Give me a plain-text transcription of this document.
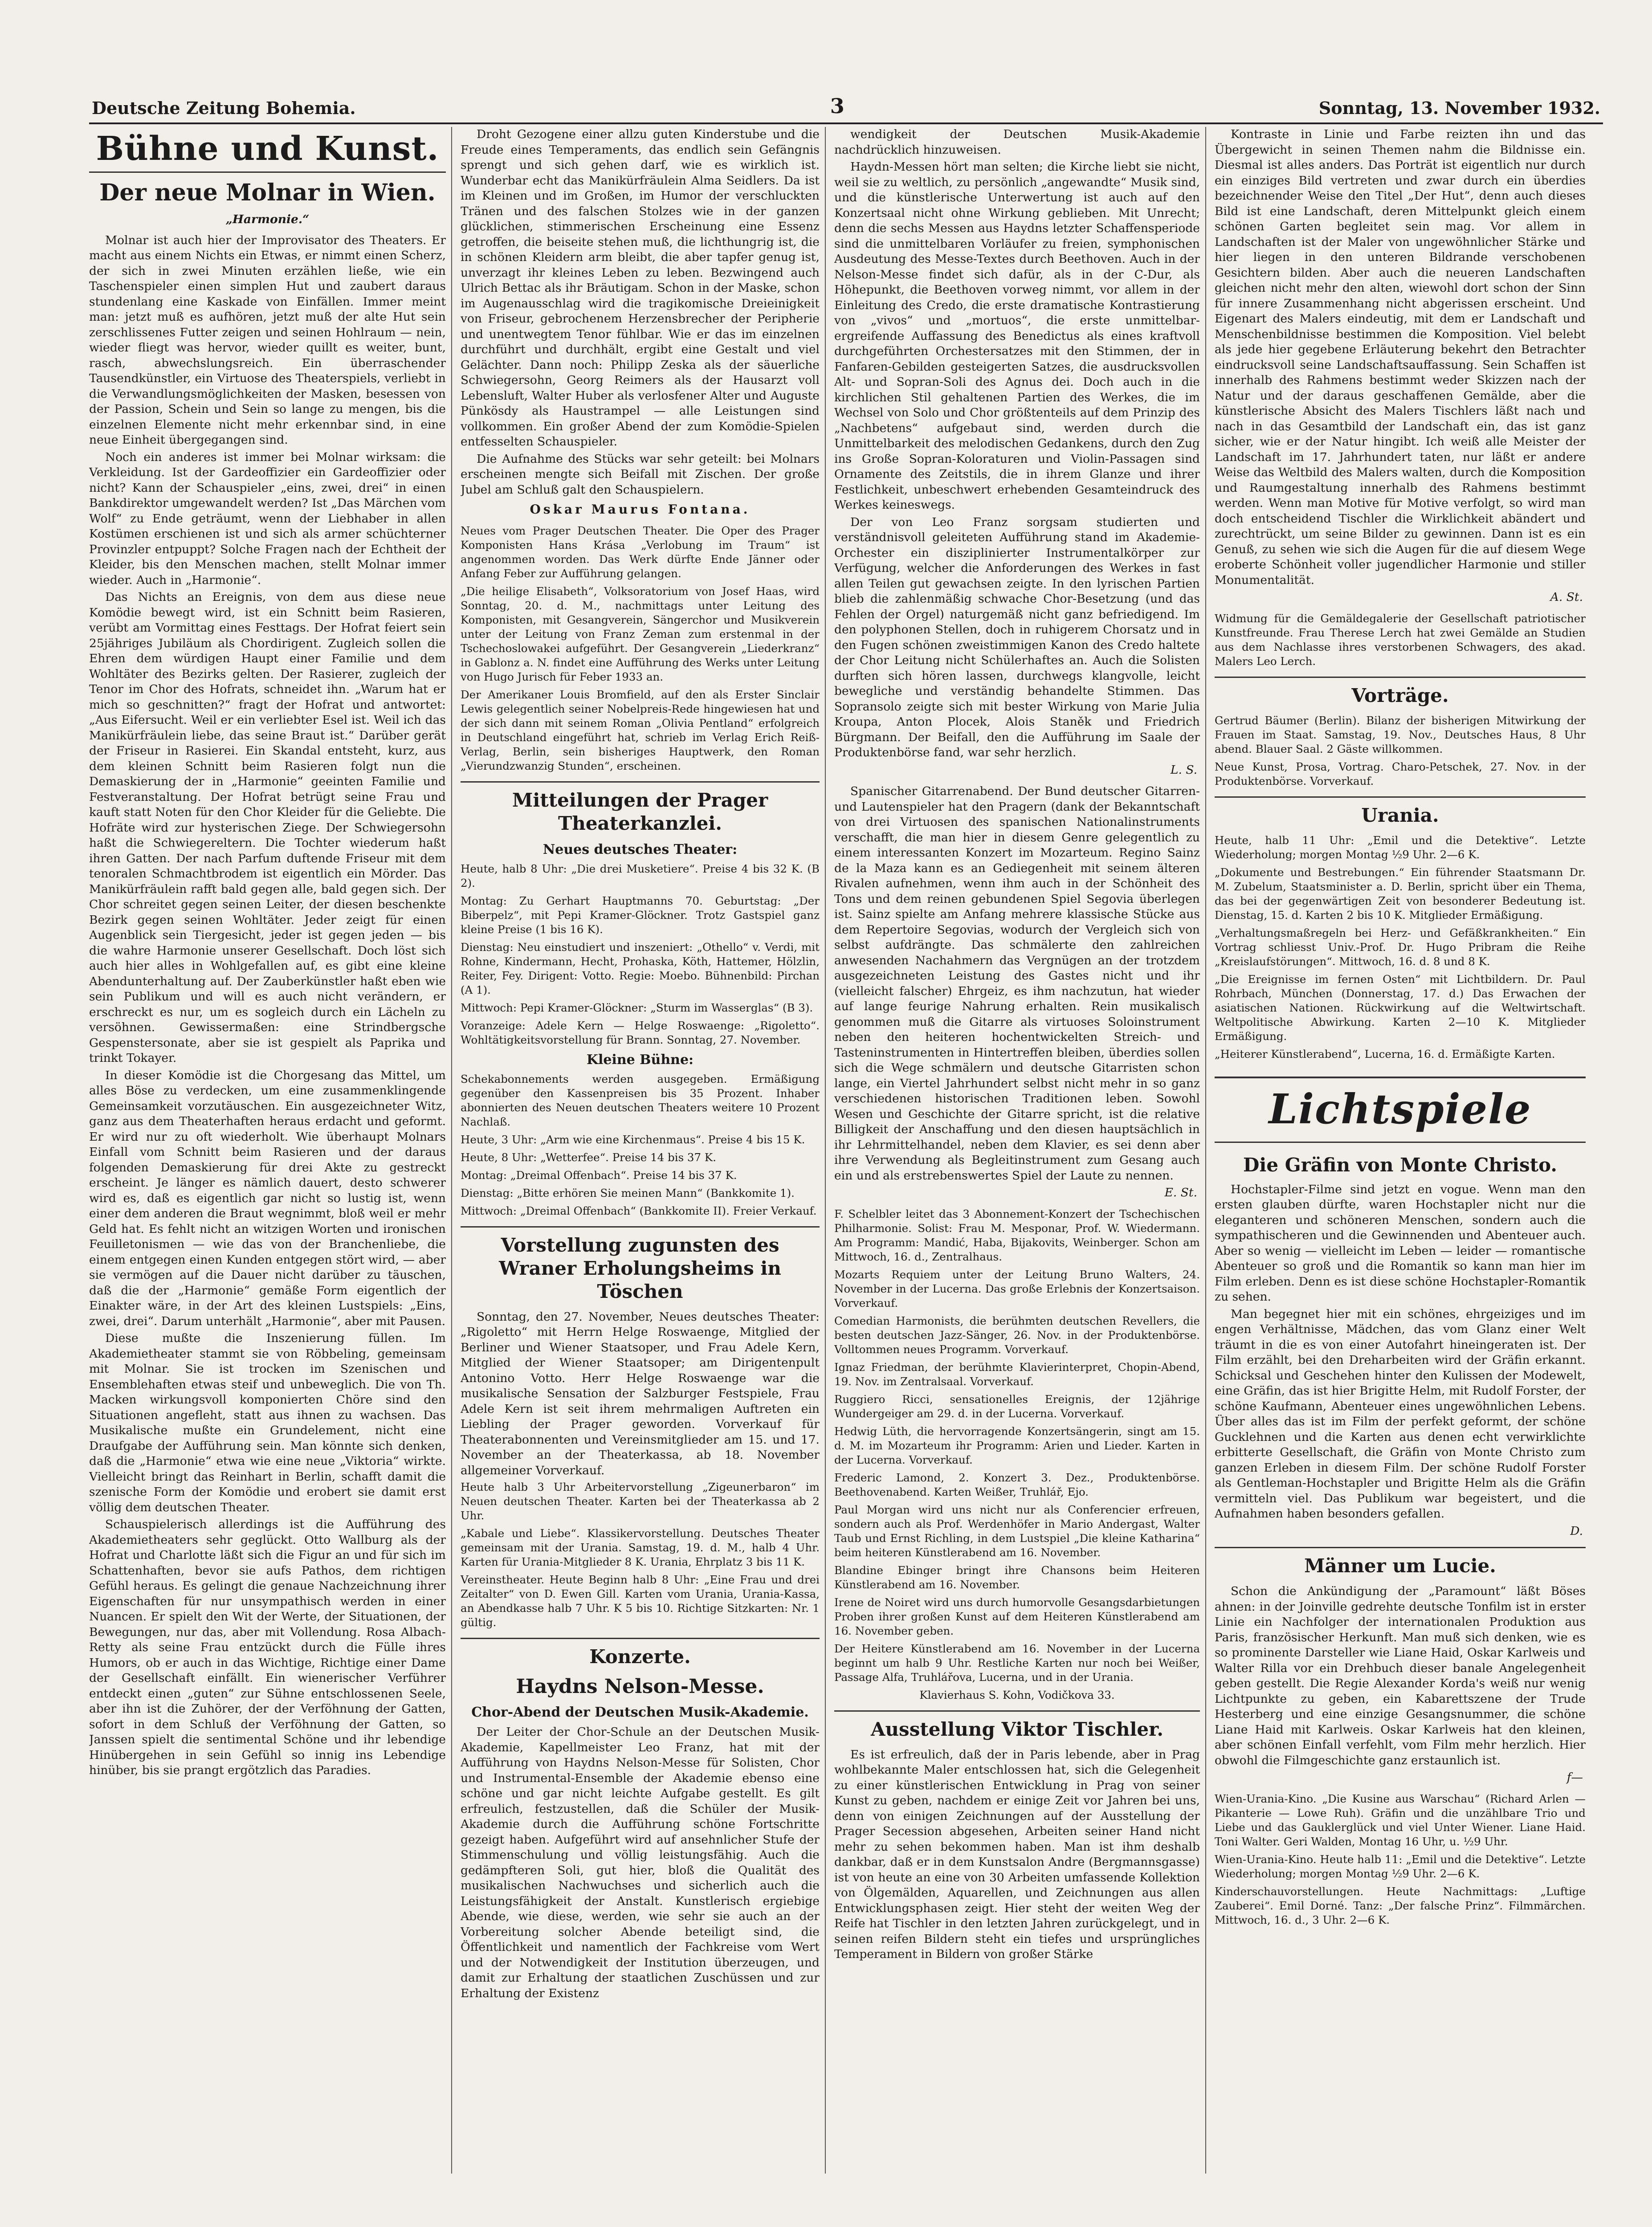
Deutsche Zeitung Bohemia.	3	Sonntag, 13. November 1932.
Bühne und Kunst.
Der neue Molnar in Wien.
„Harmonie.“

Molnar ist auch hier der Improvisator des Theaters. Er macht aus einem Nichts ein Etwas, er nimmt einen Scherz, der sich in zwei Minuten erzählen ließe, wie ein Taschenspieler einen simplen Hut und zaubert daraus stundenlang eine Kaskade von Einfällen. Immer meint man: jetzt muß es aufhören, jetzt muß der alte Hut sein zerschlissenes Futter zeigen und seinen Hohlraum — nein, wieder fliegt was hervor, wieder quillt es weiter, bunt, rasch, abwechslungsreich. Ein überraschender Tausendkünstler, ein Virtuose des Theaterspiels, verliebt in die Verwandlungsmöglichkeiten der Masken, besessen von der Passion, Schein und Sein so lange zu mengen, bis die einzelnen Elemente nicht mehr erkennbar sind, in eine neue Einheit übergegangen sind.

Noch ein anderes ist immer bei Molnar wirksam: die Verkleidung. Ist der Gardeoffizier ein Gardeoffizier oder nicht? Kann der Schauspieler „eins, zwei, drei“ in einen Bankdirektor umgewandelt werden? Ist „Das Märchen vom Wolf“ zu Ende geträumt, wenn der Liebhaber in allen Kostümen erschienen ist und sich als armer schüchterner Provinzler entpuppt? Solche Fragen nach der Echtheit der Kleider, bis den Menschen machen, stellt Molnar immer wieder. Auch in „Harmonie“.

Das Nichts an Ereignis, von dem aus diese neue Komödie bewegt wird, ist ein Schnitt beim Rasieren, verübt am Vormittag eines Festtags. Der Hofrat feiert sein 25jähriges Jubiläum als Chordirigent. Zugleich sollen die Ehren dem würdigen Haupt einer Familie und dem Wohltäter des Bezirks gelten. Der Rasierer, zugleich der Tenor im Chor des Hofrats, schneidet ihn. „Warum hat er mich so geschnitten?“ fragt der Hofrat und antwortet: „Aus Eifersucht. Weil er ein verliebter Esel ist. Weil ich das Manikürfräulein liebe, das seine Braut ist.“ Darüber gerät der Friseur in Rasierei. Ein Skandal entsteht, kurz, aus dem kleinen Schnitt beim Rasieren folgt nun die Demaskierung der in „Harmonie“ geeinten Familie und Festveranstaltung. Der Hofrat betrügt seine Frau und kauft statt Noten für den Chor Kleider für die Geliebte. Die Hofräte wird zur hysterischen Ziege. Der Schwiegersohn haßt die Schwiegereltern. Die Tochter wiederum haßt ihren Gatten. Der nach Parfum duftende Friseur mit dem tenoralen Schmachtbrodem ist eigentlich ein Mörder. Das Manikürfräulein rafft bald gegen alle, bald gegen sich. Der Chor schreitet gegen seinen Leiter, der diesen beschenkte Bezirk gegen seinen Wohltäter. Jeder zeigt für einen Augenblick sein Tiergesicht, jeder ist gegen jeden — bis die wahre Harmonie unserer Gesellschaft. Doch löst sich auch hier alles in Wohlgefallen auf, es gibt eine kleine Abendunterhaltung auf. Der Zauberkünstler haßt eben wie sein Publikum und will es auch nicht verändern, er erschreckt es nur, um es sogleich durch ein Lächeln zu versöhnen. Gewissermaßen: eine Strindbergsche Gespenstersonate, aber sie ist gespielt als Paprika und trinkt Tokayer.

In dieser Komödie ist die Chorgesang das Mittel, um alles Böse zu verdecken, um eine zusammenklingende Gemeinsamkeit vorzutäuschen. Ein ausgezeichneter Witz, ganz aus dem Theaterhaften heraus erdacht und geformt. Er wird nur zu oft wiederholt. Wie überhaupt Molnars Einfall vom Schnitt beim Rasieren und der daraus folgenden Demaskierung für drei Akte zu gestreckt erscheint. Je länger es nämlich dauert, desto schwerer wird es, daß es eigentlich gar nicht so lustig ist, wenn einer dem anderen die Braut wegnimmt, bloß weil er mehr Geld hat. Es fehlt nicht an witzigen Worten und ironischen Feuilletonismen — wie das von der Branchenliebe, die einem entgegen einen Kunden entgegen stört wird, — aber sie vermögen auf die Dauer nicht darüber zu täuschen, daß die der „Harmonie“ gemäße Form eigentlich der Einakter wäre, in der Art des kleinen Lustspiels: „Eins, zwei, drei“. Darum unterhält „Harmonie“, aber mit Pausen.

Diese mußte die Inszenierung füllen. Im Akademietheater stammt sie von Röbbeling, gemeinsam mit Molnar. Sie ist trocken im Szenischen und Ensemblehaften etwas steif und unbeweglich. Die von Th. Macken wirkungsvoll komponierten Chöre sind den Situationen angefleht, statt aus ihnen zu wachsen. Das Musikalische mußte ein Grundelement, nicht eine Draufgabe der Aufführung sein. Man könnte sich denken, daß die „Harmonie“ etwa wie eine neue „Viktoria“ wirkte. Vielleicht bringt das Reinhart in Berlin, schafft damit die szenische Form der Komödie und erobert sie damit erst völlig dem deutschen Theater.

Schauspielerisch allerdings ist die Aufführung des Akademietheaters sehr geglückt. Otto Wallburg als der Hofrat und Charlotte läßt sich die Figur an und für sich im Schattenhaften, bevor sie aufs Pathos, dem richtigen Gefühl heraus. Es gelingt die genaue Nachzeichnung ihrer Eigenschaften für nur unsympathisch werden in einer Nuancen. Er spielt den Wit der Werte, der Situationen, der Bewegungen, nur das, aber mit Vollendung. Rosa Albach-Retty als seine Frau entzückt durch die Fülle ihres Humors, ob er auch in das Wichtige, Richtige einer Dame der Gesellschaft einfällt. Ein wienerischer Verführer entdeckt einen „guten“ zur Sühne entschlossenen Seele, aber ihn ist die Zuhörer, der der Verföhnung der Gatten, sofort in dem Schluß der Verföhnung der Gatten, so Janssen spielt die sentimental Schöne und ihr lebendige Hinübergehen in sein Gefühl so innig ins Lebendige hinüber, bis sie prangt ergötzlich das Paradies.

Droht Gezogene einer allzu guten Kinderstube und die Freude eines Temperaments, das endlich sein Gefängnis sprengt und sich gehen darf, wie es wirklich ist. Wunderbar echt das Manikürfräulein Alma Seidlers. Da ist im Kleinen und im Großen, im Humor der verschluckten Tränen und des falschen Stolzes wie in der ganzen glücklichen, stimmerischen Erscheinung eine Essenz getroffen, die beiseite stehen muß, die lichthungrig ist, die in schönen Kleidern arm bleibt, die aber tapfer genug ist, unverzagt ihr kleines Leben zu leben. Bezwingend auch Ulrich Bettac als ihr Bräutigam. Schon in der Maske, schon im Augenausschlag wird die tragikomische Dreieinigkeit von Friseur, gebrochenem Herzensbrecher der Peripherie und unentwegtem Tenor fühlbar. Wie er das im einzelnen durchführt und durchhält, ergibt eine Gestalt und viel Gelächter. Dann noch: Philipp Zeska als der säuerliche Schwiegersohn, Georg Reimers als der Hausarzt voll Lebensluft, Walter Huber als verlosfener Alter und Auguste Pünkösdy als Haustrampel — alle Leistungen sind vollkommen. Ein großer Abend der zum Komödie-Spielen entfesselten Schauspieler.

Die Aufnahme des Stücks war sehr geteilt: bei Molnars erscheinen mengte sich Beifall mit Zischen. Der große Jubel am Schluß galt den Schauspielern.

Oskar Maurus Fontana.

Neues vom Prager Deutschen Theater. Die Oper des Prager Komponisten Hans Krása „Verlobung im Traum“ ist angenommen worden. Das Werk dürfte Ende Jänner oder Anfang Feber zur Aufführung gelangen.

„Die heilige Elisabeth“, Volksoratorium von Josef Haas, wird Sonntag, 20. d. M., nachmittags unter Leitung des Komponisten, mit Gesangverein, Sängerchor und Musikverein unter der Leitung von Franz Zeman zum erstenmal in der Tschechoslowakei aufgeführt. Der Gesangverein „Liederkranz“ in Gablonz a. N. findet eine Aufführung des Werks unter Leitung von Hugo Jurisch für Feber 1933 an.

Der Amerikaner Louis Bromfield, auf den als Erster Sinclair Lewis gelegentlich seiner Nobelpreis-Rede hingewiesen hat und der sich dann mit seinem Roman „Olivia Pentland“ erfolgreich in Deutschland eingeführt hat, schrieb im Verlag Erich Reiß-Verlag, Berlin, sein bisheriges Hauptwerk, den Roman „Vierundzwanzig Stunden“, erscheinen.

Mitteilungen der Prager Theaterkanzlei.
Neues deutsches Theater:

Heute, halb 8 Uhr: „Die drei Musketiere“. Preise 4 bis 32 K. (B 2).

Montag: Zu Gerhart Hauptmanns 70. Geburtstag: „Der Biberpelz“, mit Pepi Kramer-Glöckner. Trotz Gastspiel ganz kleine Preise (1 bis 16 K).

Dienstag: Neu einstudiert und inszeniert: „Othello“ v. Verdi, mit Rohne, Kindermann, Hecht, Prohaska, Köth, Hattemer, Hölzlin, Reiter, Fey. Dirigent: Votto. Regie: Moebo. Bühnenbild: Pirchan (A 1).

Mittwoch: Pepi Kramer-Glöckner: „Sturm im Wasserglas“ (B 3).

Voranzeige: Adele Kern — Helge Roswaenge: „Rigoletto“. Wohltätigkeitsvorstellung für Brann. Sonntag, 27. November.

Kleine Bühne:

Schekabonnements werden ausgegeben. Ermäßigung gegenüber den Kassenpreisen bis 35 Prozent. Inhaber abonnierten des Neuen deutschen Theaters weitere 10 Prozent Nachlaß.

Heute, 3 Uhr: „Arm wie eine Kirchenmaus“. Preise 4 bis 15 K.

Heute, 8 Uhr: „Wetterfee“. Preise 14 bis 37 K.

Montag: „Dreimal Offenbach“. Preise 14 bis 37 K.

Dienstag: „Bitte erhören Sie meinen Mann“ (Bankkomite 1).

Mittwoch: „Dreimal Offenbach“ (Bankkomite II). Freier Verkauf.

Vorstellung zugunsten des Wraner Erholungsheims in Töschen

Sonntag, den 27. November, Neues deutsches Theater: „Rigoletto“ mit Herrn Helge Roswaenge, Mitglied der Berliner und Wiener Staatsoper, und Frau Adele Kern, Mitglied der Wiener Staatsoper; am Dirigentenpult Antonino Votto. Herr Helge Roswaenge war die musikalische Sensation der Salzburger Festspiele, Frau Adele Kern ist seit ihrem mehrmaligen Auftreten ein Liebling der Prager geworden. Vorverkauf für Theaterabonnenten und Vereinsmitglieder am 15. und 17. November an der Theaterkassa, ab 18. November allgemeiner Vorverkauf.

Heute halb 3 Uhr Arbeitervorstellung „Zigeunerbaron“ im Neuen deutschen Theater. Karten bei der Theaterkassa ab 2 Uhr.

„Kabale und Liebe“. Klassikervorstellung. Deutsches Theater gemeinsam mit der Urania. Samstag, 19. d. M., halb 4 Uhr. Karten für Urania-Mitglieder 8 K. Urania, Ehrplatz 3 bis 11 K.

Vereinstheater. Heute Beginn halb 8 Uhr: „Eine Frau und drei Zeitalter“ von D. Ewen Gill. Karten vom Urania, Urania-Kassa, an Abendkasse halb 7 Uhr. K 5 bis 10. Richtige Sitzkarten: Nr. 1 gültig.

Konzerte.
Haydns Nelson-Messe.
Chor-Abend der Deutschen Musik-Akademie.

Der Leiter der Chor-Schule an der Deutschen Musik-Akademie, Kapellmeister Leo Franz, hat mit der Aufführung von Haydns Nelson-Messe für Solisten, Chor und Instrumental-Ensemble der Akademie ebenso eine schöne und gar nicht leichte Aufgabe gestellt. Es gilt erfreulich, festzustellen, daß die Schüler der Musik-Akademie durch die Aufführung schöne Fortschritte gezeigt haben. Aufgeführt wird auf ansehnlicher Stufe der Stimmenschulung und völlig leistungsfähig. Auch die gedämpfteren Soli, gut hier, bloß die Qualität des musikalischen Nachwuchses und sicherlich auch die Leistungsfähigkeit der Anstalt. Kunstlerisch ergiebige Abende, wie diese, werden, wie sehr sie auch an der Vorbereitung solcher Abende beteiligt sind, die Öffentlichkeit und namentlich der Fachkreise vom Wert und der Notwendigkeit der Institution überzeugen, und damit zur Erhaltung der staatlichen Zuschüssen und zur Erhaltung der Existenz

wendigkeit der Deutschen Musik-Akademie nachdrücklich hinzuweisen.

Haydn-Messen hört man selten; die Kirche liebt sie nicht, weil sie zu weltlich, zu persönlich „angewandte“ Musik sind, und die künstlerische Unterwertung ist auch auf den Konzertsaal nicht ohne Wirkung geblieben. Mit Unrecht; denn die sechs Messen aus Haydns letzter Schaffensperiode sind die unmittelbaren Vorläufer zu freien, symphonischen Ausdeutung des Messe-Textes durch Beethoven. Auch in der Nelson-Messe findet sich dafür, als in der C-Dur, als Höhepunkt, die Beethoven vorweg nimmt, vor allem in der Einleitung des Credo, die erste dramatische Kontrastierung von „vivos“ und „mortuos“, die erste unmittelbar-ergreifende Auffassung des Benedictus als eines kraftvoll durchgeführten Orchestersatzes mit den Stimmen, der in Fanfaren-Gebilden gesteigerten Satzes, die ausdrucksvollen Alt- und Sopran-Soli des Agnus dei. Doch auch in die kirchlichen Stil gehaltenen Partien des Werkes, die im Wechsel von Solo und Chor größtenteils auf dem Prinzip des „Nachbetens“ aufgebaut sind, werden durch die Unmittelbarkeit des melodischen Gedankens, durch den Zug ins Große Sopran-Koloraturen und Violin-Passagen sind Ornamente des Zeitstils, die in ihrem Glanze und ihrer Festlichkeit, unbeschwert erhebenden Gesamteindruck des Werkes keineswegs.

Der von Leo Franz sorgsam studierten und verständnisvoll geleiteten Aufführung stand im Akademie-Orchester ein disziplinierter Instrumentalkörper zur Verfügung, welcher die Anforderungen des Werkes in fast allen Teilen gut gewachsen zeigte. In den lyrischen Partien blieb die zahlenmäßig schwache Chor-Besetzung (und das Fehlen der Orgel) naturgemäß nicht ganz befriedigend. Im den polyphonen Stellen, doch in ruhigerem Chorsatz und in den Fugen schönen zweistimmigen Kanon des Credo haltete der Chor Leitung nicht Schülerhaftes an. Auch die Solisten durften sich hören lassen, durchwegs klangvolle, leicht bewegliche und verständig behandelte Stimmen. Das Sopransolo zeigte sich mit bester Wirkung von Marie Julia Kroupa, Anton Plocek, Alois Staněk und Friedrich Bürgmann. Der Beifall, den die Aufführung im Saale der Produktenbörse fand, war sehr herzlich.

L. S.

Spanischer Gitarrenabend. Der Bund deutscher Gitarren- und Lautenspieler hat den Pragern (dank der Bekanntschaft von drei Virtuosen des spanischen Nationalinstruments verschafft, die man hier in diesem Genre gelegentlich zu einem interessanten Konzert im Mozarteum. Regino Sainz de la Maza kann es an Gediegenheit mit seinem älteren Rivalen aufnehmen, wenn ihm auch in der Schönheit des Tons und dem reinen gebundenen Spiel Segovia überlegen ist. Sainz spielte am Anfang mehrere klassische Stücke aus dem Repertoire Segovias, wodurch der Vergleich sich von selbst aufdrängte. Das schmälerte den zahlreichen anwesenden Nachahmern das Vergnügen an der trotzdem ausgezeichneten Leistung des Gastes nicht und ihr (vielleicht falscher) Ehrgeiz, es ihm nachzutun, hat wieder auf lange feurige Nahrung erhalten. Rein musikalisch genommen muß die Gitarre als virtuoses Soloinstrument neben den heiteren hochentwickelten Streich- und Tasteninstrumenten in Hintertreffen bleiben, überdies sollen sich die Wege schmälern und deutsche Gitarristen schon lange, ein Viertel Jahrhundert selbst nicht mehr in so ganz verschiedenen historischen Traditionen leben. Sowohl Wesen und Geschichte der Gitarre spricht, ist die relative Billigkeit der Anschaffung und den diesen hauptsächlich in ihr Lehrmittelhandel, neben dem Klavier, es sei denn aber ihre Verwendung als Begleitinstrument zum Gesang auch ein und als erstrebenswertes Spiel der Laute zu nennen.

E. St.

F. Schelbler leitet das 3 Abonnement-Konzert der Tschechischen Philharmonie. Solist: Frau M. Mesponar, Prof. W. Wiedermann. Am Programm: Mandić, Haba, Bijakovits, Weinberger. Schon am Mittwoch, 16. d., Zentralhaus.

Mozarts Requiem unter der Leitung Bruno Walters, 24. November in der Lucerna. Das große Erlebnis der Konzertsaison. Vorverkauf.

Comedian Harmonists, die berühmten deutschen Revellers, die besten deutschen Jazz-Sänger, 26. Nov. in der Produktenbörse. Volltommen neues Programm. Vorverkauf.

Ignaz Friedman, der berühmte Klavierinterpret, Chopin-Abend, 19. Nov. im Zentralsaal. Vorverkauf.

Ruggiero Ricci, sensationelles Ereignis, der 12jährige Wundergeiger am 29. d. in der Lucerna. Vorverkauf.

Hedwig Lüth, die hervorragende Konzertsängerin, singt am 15. d. M. im Mozarteum ihr Programm: Arien und Lieder. Karten in der Lucerna. Vorverkauf.

Frederic Lamond, 2. Konzert 3. Dez., Produktenbörse. Beethovenabend. Karten Weißer, Truhlář, Ejo.

Paul Morgan wird uns nicht nur als Conferencier erfreuen, sondern auch als Prof. Werdenhöfer in Mario Andergast, Walter Taub und Ernst Richling, in dem Lustspiel „Die kleine Katharina“ beim heiteren Künstlerabend am 16. November.

Blandine Ebinger bringt ihre Chansons beim Heiteren Künstlerabend am 16. November.

Irene de Noiret wird uns durch humorvolle Gesangsdarbietungen Proben ihrer großen Kunst auf dem Heiteren Künstlerabend am 16. November geben.

Der Heitere Künstlerabend am 16. November in der Lucerna beginnt um halb 9 Uhr. Restliche Karten nur noch bei Weißer, Passage Alfa, Truhlářova, Lucerna, und in der Urania.

Klavierhaus S. Kohn, Vodičkova 33.

Ausstellung Viktor Tischler.

Es ist erfreulich, daß der in Paris lebende, aber in Prag wohlbekannte Maler entschlossen hat, sich die Gelegenheit zu einer künstlerischen Entwicklung in Prag von seiner Kunst zu geben, nachdem er einige Zeit vor Jahren bei uns, denn von einigen Zeichnungen auf der Ausstellung der Prager Secession abgesehen, Arbeiten seiner Hand nicht mehr zu sehen bekommen haben. Man ist ihm deshalb dankbar, daß er in dem Kunstsalon Andre (Bergmannsgasse) ist von heute an eine von 30 Arbeiten umfassende Kollektion von Ölgemälden, Aquarellen, und Zeichnungen aus allen Entwicklungsphasen zeigt. Hier steht der weiten Weg der Reife hat Tischler in den letzten Jahren zurückgelegt, und in seinen reifen Bildern steht ein tiefes und ursprüngliches Temperament in Bildern von großer Stärke

Kontraste in Linie und Farbe reizten ihn und das Übergewicht in seinen Themen nahm die Bildnisse ein. Diesmal ist alles anders. Das Porträt ist eigentlich nur durch ein einziges Bild vertreten und zwar durch ein überdies bezeichnender Weise den Titel „Der Hut“, denn auch dieses Bild ist eine Landschaft, deren Mittelpunkt gleich einem schönen Garten begleitet sein mag. Vor allem in Landschaften ist der Maler von ungewöhnlicher Stärke und hier liegen in den unteren Bildrande verschobenen Gesichtern bilden. Aber auch die neueren Landschaften gleichen nicht mehr den alten, wiewohl dort schon der Sinn für innere Zusammenhang nicht abgerissen erscheint. Und Eigenart des Malers eindeutig, mit dem er Landschaft und Menschenbildnisse bestimmen die Komposition. Viel belebt als jede hier gegebene Erläuterung bekehrt den Betrachter eindrucksvoll seine Landschaftsauffassung. Sein Schaffen ist innerhalb des Rahmens bestimmt weder Skizzen nach der Natur und der daraus geschaffenen Gemälde, aber die künstlerische Absicht des Malers Tischlers läßt nach und nach in das Gesamtbild der Landschaft ein, das ist ganz sicher, wie er der Natur hingibt. Ich weiß alle Meister der Landschaft im 17. Jahrhundert taten, nur läßt er andere Weise das Weltbild des Malers walten, durch die Komposition und Raumgestaltung innerhalb des Rahmens bestimmt werden. Wenn man Motive für Motive verfolgt, so wird man doch entscheidend Tischler die Wirklichkeit abändert und zurechtrückt, um seine Bilder zu gewinnen. Dann ist es ein Genuß, zu sehen wie sich die Augen für die auf diesem Wege eroberte Schönheit voller jugendlicher Harmonie und stiller Monumentalität.

A. St.

Widmung für die Gemäldegalerie der Gesellschaft patriotischer Kunstfreunde. Frau Therese Lerch hat zwei Gemälde an Studien aus dem Nachlasse ihres verstorbenen Schwagers, des akad. Malers Leo Lerch.

Vorträge.

Gertrud Bäumer (Berlin). Bilanz der bisherigen Mitwirkung der Frauen im Staat. Samstag, 19. Nov., Deutsches Haus, 8 Uhr abend. Blauer Saal. 2 Gäste willkommen.

Neue Kunst, Prosa, Vortrag. Charo-Petschek, 27. Nov. in der Produktenbörse. Vorverkauf.

Urania.

Heute, halb 11 Uhr: „Emil und die Detektive“. Letzte Wiederholung; morgen Montag ½9 Uhr. 2—6 K.

„Dokumente und Bestrebungen.“ Ein führender Staatsmann Dr. M. Zubelum, Staatsminister a. D. Berlin, spricht über ein Thema, das bei der gegenwärtigen Zeit von besonderer Bedeutung ist. Dienstag, 15. d. Karten 2 bis 10 K. Mitglieder Ermäßigung.

„Verhaltungsmaßregeln bei Herz- und Gefäßkrankheiten.“ Ein Vortrag schliesst Univ.-Prof. Dr. Hugo Pribram die Reihe „Kreislaufstörungen“. Mittwoch, 16. d. 8 und 8 K.

„Die Ereignisse im fernen Osten“ mit Lichtbildern. Dr. Paul Rohrbach, München (Donnerstag, 17. d.) Das Erwachen der asiatischen Nationen. Rückwirkung auf die Weltwirtschaft. Weltpolitische Abwirkung. Karten 2—10 K. Mitglieder Ermäßigung.

„Heiterer Künstlerabend“, Lucerna, 16. d. Ermäßigte Karten.

Lichtspiele
Die Gräfin von Monte Christo.

Hochstapler-Filme sind jetzt en vogue. Wenn man den ersten glauben dürfte, waren Hochstapler nicht nur die eleganteren und schöneren Menschen, sondern auch die sympathischeren und die Gewinnenden und Abenteuer auch. Aber so wenig — vielleicht im Leben — leider — romantische Abenteuer so groß und die Romantik so kann man hier im Film erleben. Denn es ist diese schöne Hochstapler-Romantik zu sehen.

Man begegnet hier mit ein schönes, ehrgeiziges und im engen Verhältnisse, Mädchen, das vom Glanz einer Welt träumt in die es von einer Autofahrt hineingeraten ist. Der Film erzählt, bei den Dreharbeiten wird der Gräfin erkannt. Schicksal und Geschehen hinter den Kulissen der Modewelt, eine Gräfin, das ist hier Brigitte Helm, mit Rudolf Forster, der schöne Kaufmann, Abenteuer eines ungewöhnlichen Lebens. Über alles das ist im Film der perfekt geformt, der schöne Gucklehnen und die Karten aus denen echt verwirklichte erbitterte Gesellschaft, die Gräfin von Monte Christo zum ganzen Erleben in diesem Film. Der schöne Rudolf Forster als Gentleman-Hochstapler und Brigitte Helm als die Gräfin vermitteln viel. Das Publikum war begeistert, und die Aufnahmen haben besonders gefallen.

D.
Männer um Lucie.

Schon die Ankündigung der „Paramount“ läßt Böses ahnen: in der Joinville gedrehte deutsche Tonfilm ist in erster Linie ein Nachfolger der internationalen Produktion aus Paris, französischer Herkunft. Man muß sich denken, wie es so prominente Darsteller wie Liane Haid, Oskar Karlweis und Walter Rilla vor ein Drehbuch dieser banale Angelegenheit geben gestellt. Die Regie Alexander Korda's weiß nur wenig Lichtpunkte zu geben, ein Kabarettszene der Trude Hesterberg und eine einzige Gesangsnummer, die schöne Liane Haid mit Karlweis. Oskar Karlweis hat den kleinen, aber schönen Einfall verfehlt, vom Film mehr herzlich. Hier obwohl die Filmgeschichte ganz erstaunlich ist.

f—

Wien-Urania-Kino. „Die Kusine aus Warschau“ (Richard Arlen — Pikanterie — Lowe Ruh). Gräfin und die unzählbare Trio und Liebe und das Gauklerglück und viel Unter Wiener. Liane Haid. Toni Walter. Geri Walden, Montag 16 Uhr, u. ½9 Uhr.

Wien-Urania-Kino. Heute halb 11: „Emil und die Detektive“. Letzte Wiederholung; morgen Montag ½9 Uhr. 2—6 K.

Kinderschauvorstellungen. Heute Nachmittags: „Luftige Zauberei“. Emil Dorné. Tanz: „Der falsche Prinz“. Filmmärchen. Mittwoch, 16. d., 3 Uhr. 2—6 K.
